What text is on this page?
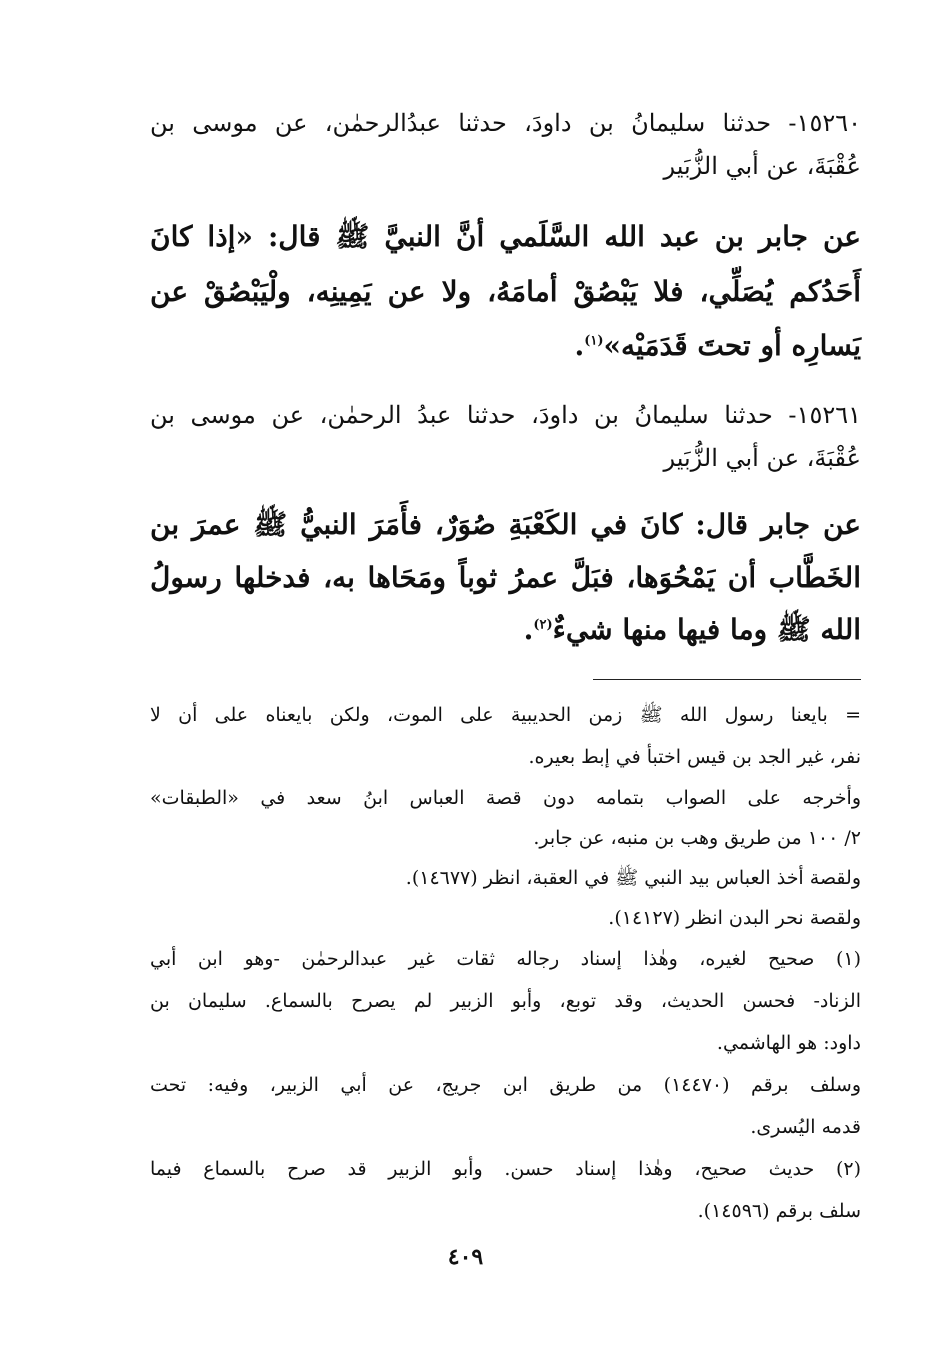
١٥٢٦٠- حدثنا سليمانُ بن داودَ، حدثنا عبدُالرحمٰن، عن موسى بن
عُقْبَةَ، عن أبي الزُّبَير
عن جابر بن عبد الله السَّلَمي أنَّ النبيَّ ﷺ قال: «إذا كانَ
أَحَدُكم يُصَلِّي، فلا يَبْصُقْ أمامَهُ، ولا عن يَمِينِه، ولْيَبْصُقْ عن
يَسارِه أو تحتَ قَدَمَيْه»$^{(١)}$.
١٥٢٦١- حدثنا سليمانُ بن داودَ، حدثنا عبدُ الرحمٰن، عن موسى بن
عُقْبَةَ، عن أبي الزُّبَير
عن جابر قال: كانَ في الكَعْبَةِ صُوَرٌ، فأَمَرَ النبيُّ ﷺ عمرَ بن
الخَطَّاب أن يَمْحُوَها، فبَلَّ عمرُ ثوباً ومَحَاها به، فدخلها رسولُ
الله ﷺ وما فيها منها شيءٌ$^{(٢)}$.
= بايعنا رسول الله ﷺ زمن الحديبية على الموت، ولكن بايعناه على أن لا
نفر، غير الجد بن قيس اختبأ في إبط بعيره.
وأخرجه على الصواب بتمامه دون قصة العباس ابنُ سعد في «الطبقات»
٢/ ١٠٠ من طريق وهب بن منبه، عن جابر.
ولقصة أخذ العباس بيد النبي ﷺ في العقبة، انظر (١٤٦٧٧).
ولقصة نحر البدن انظر (١٤١٢٧).
(١) صحيح لغيره، وهٰذا إسناد رجاله ثقات غير عبدالرحمٰن -وهو ابن أبي
الزناد- فحسن الحديث، وقد توبع، وأبو الزبير لم يصرح بالسماع. سليمان بن
داود: هو الهاشمي.
وسلف برقم (١٤٤٧٠) من طريق ابن جريج، عن أبي الزبير، وفيه: تحت
قدمه اليُسرى.
(٢) حديث صحيح، وهٰذا إسناد حسن. وأبو الزبير قد صرح بالسماع فيما
سلف برقم (١٤٥٩٦).
٤٠٩
